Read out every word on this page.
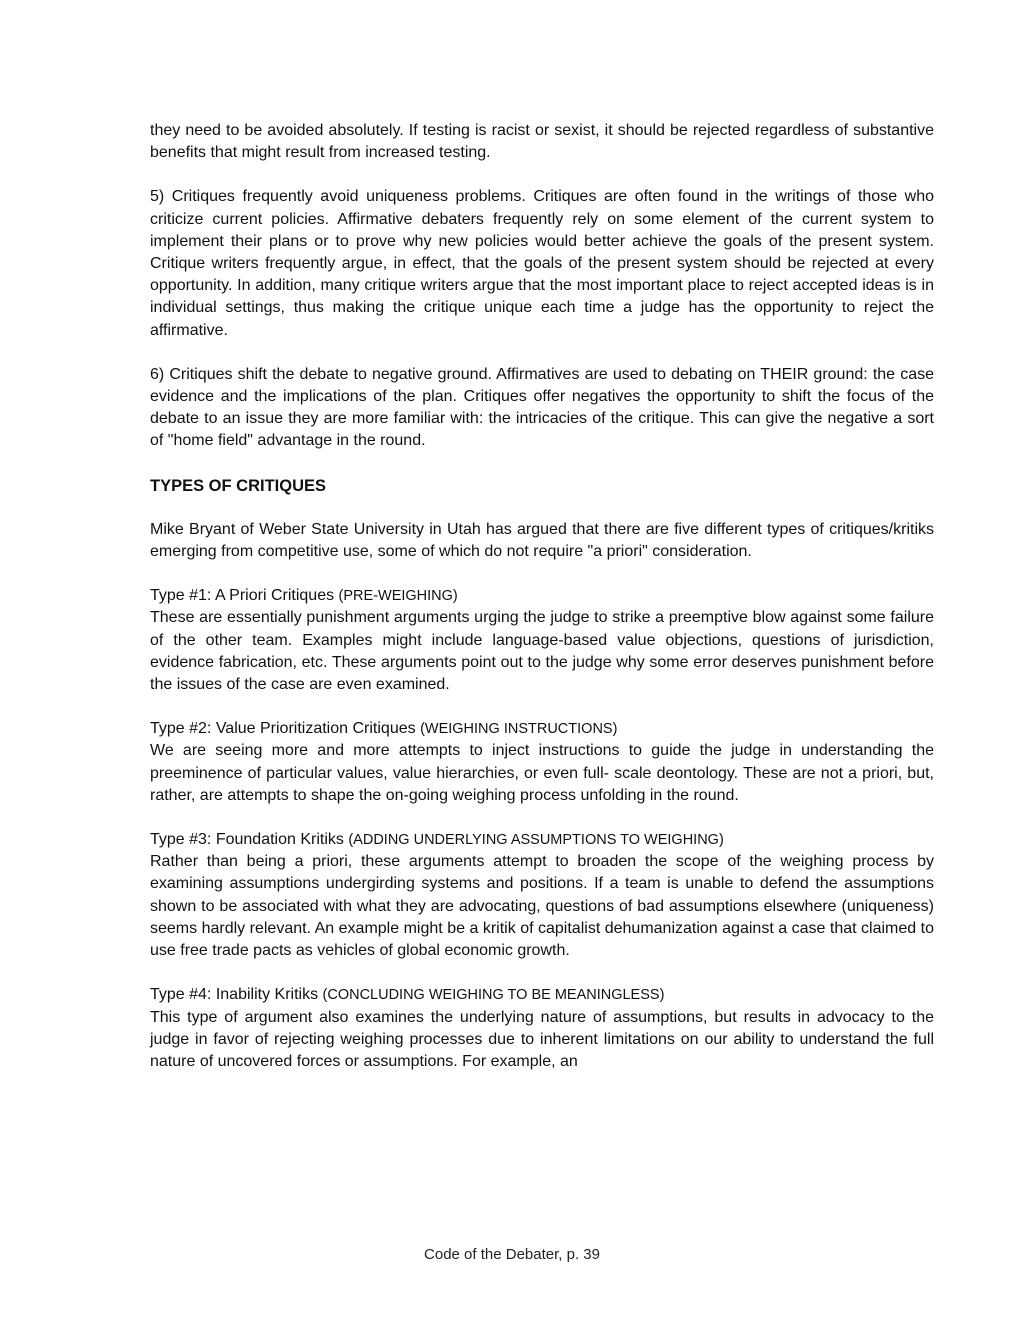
they need to be avoided absolutely. If testing is racist or sexist, it should be rejected regardless of substantive benefits that might result from increased testing.

5) Critiques frequently avoid uniqueness problems. Critiques are often found in the writings of those who criticize current policies. Affirmative debaters frequently rely on some element of the current system to implement their plans or to prove why new policies would better achieve the goals of the present system. Critique writers frequently argue, in effect, that the goals of the present system should be rejected at every opportunity. In addition, many critique writers argue that the most important place to reject accepted ideas is in individual settings, thus making the critique unique each time a judge has the opportunity to reject the affirmative.

6) Critiques shift the debate to negative ground. Affirmatives are used to debating on THEIR ground: the case evidence and the implications of the plan. Critiques offer negatives the opportunity to shift the focus of the debate to an issue they are more familiar with: the intricacies of the critique. This can give the negative a sort of "home field" advantage in the round.

TYPES OF CRITIQUES

Mike Bryant of Weber State University in Utah has argued that there are five different types of critiques/kritiks emerging from competitive use, some of which do not require "a priori" consideration.

Type #1: A Priori Critiques (PRE-WEIGHING)

These are essentially punishment arguments urging the judge to strike a preemptive blow against some failure of the other team. Examples might include language-based value objections, questions of jurisdiction, evidence fabrication, etc. These arguments point out to the judge why some error deserves punishment before the issues of the case are even examined.

Type #2: Value Prioritization Critiques (WEIGHING INSTRUCTIONS)

We are seeing more and more attempts to inject instructions to guide the judge in understanding the preeminence of particular values, value hierarchies, or even full- scale deontology. These are not a priori, but, rather, are attempts to shape the on-going weighing process unfolding in the round.

Type #3: Foundation Kritiks (ADDING UNDERLYING ASSUMPTIONS TO WEIGHING)

Rather than being a priori, these arguments attempt to broaden the scope of the weighing process by examining assumptions undergirding systems and positions. If a team is unable to defend the assumptions shown to be associated with what they are advocating, questions of bad assumptions elsewhere (uniqueness) seems hardly relevant. An example might be a kritik of capitalist dehumanization against a case that claimed to use free trade pacts as vehicles of global economic growth.

Type #4: Inability Kritiks (CONCLUDING WEIGHING TO BE MEANINGLESS)

This type of argument also examines the underlying nature of assumptions, but results in advocacy to the judge in favor of rejecting weighing processes due to inherent limitations on our ability to understand the full nature of uncovered forces or assumptions. For example, an

Code of the Debater, p. 39
